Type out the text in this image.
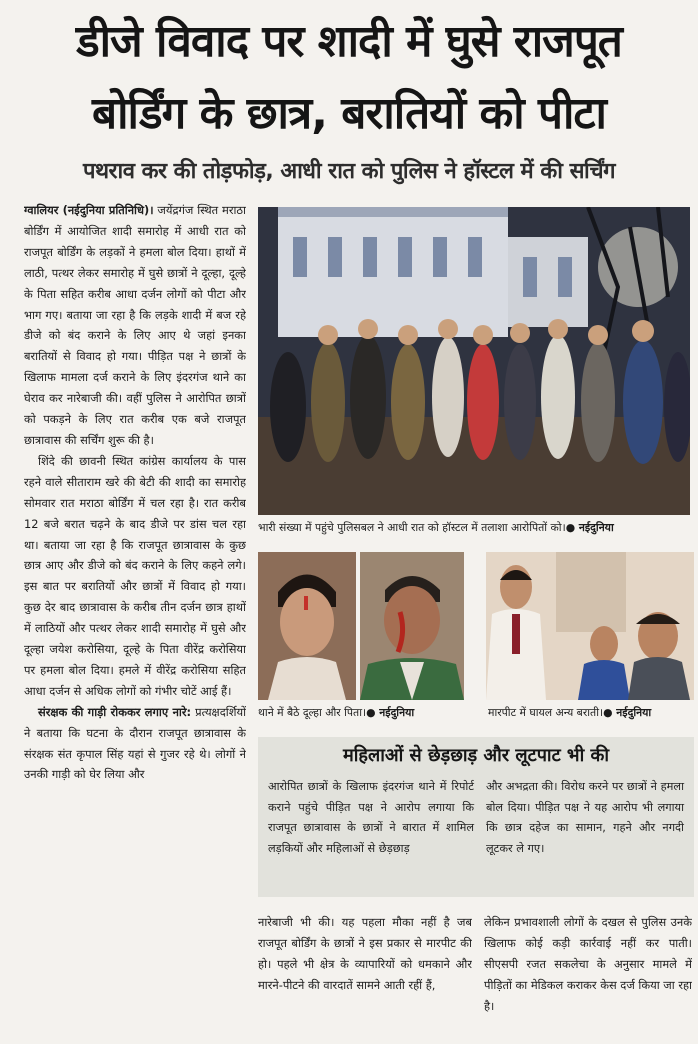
डीजे विवाद पर शादी में घुसे राजपूत
बोर्डिंग के छात्र, बरातियों को पीटा
पथराव कर की तोड़फोड़, आधी रात को पुलिस ने हॉस्टल में की सर्चिंग

ग्वालियर (नईदुनिया प्रतिनिधि)। जयेंद्रगंज स्थित मराठा बोर्डिंग में आयोजित शादी समारोह में आधी रात को राजपूत बोर्डिंग के लड़कों ने हमला बोल दिया। हाथों में लाठी, पत्थर लेकर समारोह में घुसे छात्रों ने दूल्हा, दूल्हे के पिता सहित करीब आधा दर्जन लोगों को पीटा और भाग गए। बताया जा रहा है कि लड़के शादी में बज रहे डीजे को बंद कराने के लिए आए थे जहां इनका बरातियों से विवाद हो गया। पीड़ित पक्ष ने छात्रों के खिलाफ मामला दर्ज कराने के लिए इंदरगंज थाने का घेराव कर नारेबाजी की। वहीं पुलिस ने आरोपित छात्रों को पकड़ने के लिए रात करीब एक बजे राजपूत छात्रावास की सर्चिंग शुरू की है।

शिंदे की छावनी स्थित कांग्रेस कार्यालय के पास रहने वाले सीताराम खरे की बेटी की शादी का समारोह सोमवार रात मराठा बोर्डिंग में चल रहा है। रात करीब 12 बजे बरात चढ़ने के बाद डीजे पर डांस चल रहा था। बताया जा रहा है कि राजपूत छात्रावास के कुछ छात्र आए और डीजे को बंद कराने के लिए कहने लगे। इस बात पर बरातियों और छात्रों में विवाद हो गया। कुछ देर बाद छात्रावास के करीब तीन दर्जन छात्र हाथों में लाठियों और पत्थर लेकर शादी समारोह में घुसे और दूल्हा जयेश करोसिया, दूल्हे के पिता वीरेंद्र करोसिया पर हमला बोल दिया। हमले में वीरेंद्र करोसिया सहित आधा दर्जन से अधिक लोगों को गंभीर चोटें आई हैं।

संरक्षक की गाड़ी रोककर लगाए नारे: प्रत्यक्षदर्शियों ने बताया कि घटना के दौरान राजपूत छात्रावास के संरक्षक संत कृपाल सिंह यहां से गुजर रहे थे। लोगों ने उनकी गाड़ी को घेर लिया और

भारी संख्या में पहुंचे पुलिसबल ने आधी रात को हॉस्टल में तलाशा आरोपितों को।● नईदुनिया
थाने में बैठे दूल्हा और पिता।● नईदुनिया	मारपीट में घायल अन्य बराती।● नईदुनिया
महिलाओं से छेड़छाड़ और लूटपाट भी की
आरोपित छात्रों के खिलाफ इंदरगंज थाने में रिपोर्ट कराने पहुंचे पीड़ित पक्ष ने आरोप लगाया कि राजपूत छात्रावास के छात्रों ने बारात में शामिल लड़कियों और महिलाओं से छेड़छाड़
और अभद्रता की। विरोध करने पर छात्रों ने हमला बोल दिया। पीड़ित पक्ष ने यह आरोप भी लगाया कि छात्र दहेज का सामान, गहने और नगदी लूटकर ले गए।
नारेबाजी भी की। यह पहला मौका नहीं है जब राजपूत बोर्डिंग के छात्रों ने इस प्रकार से मारपीट की हो। पहले भी क्षेत्र के व्यापारियों को धमकाने और मारने-पीटने की वारदातें सामने आती रहीं हैं,
लेकिन प्रभावशाली लोगों के दखल से पुलिस उनके खिलाफ कोई कड़ी कार्रवाई नहीं कर पाती। सीएसपी रजत सकलेचा के अनुसार मामले में पीड़ितों का मेडिकल कराकर केस दर्ज किया जा रहा है।
